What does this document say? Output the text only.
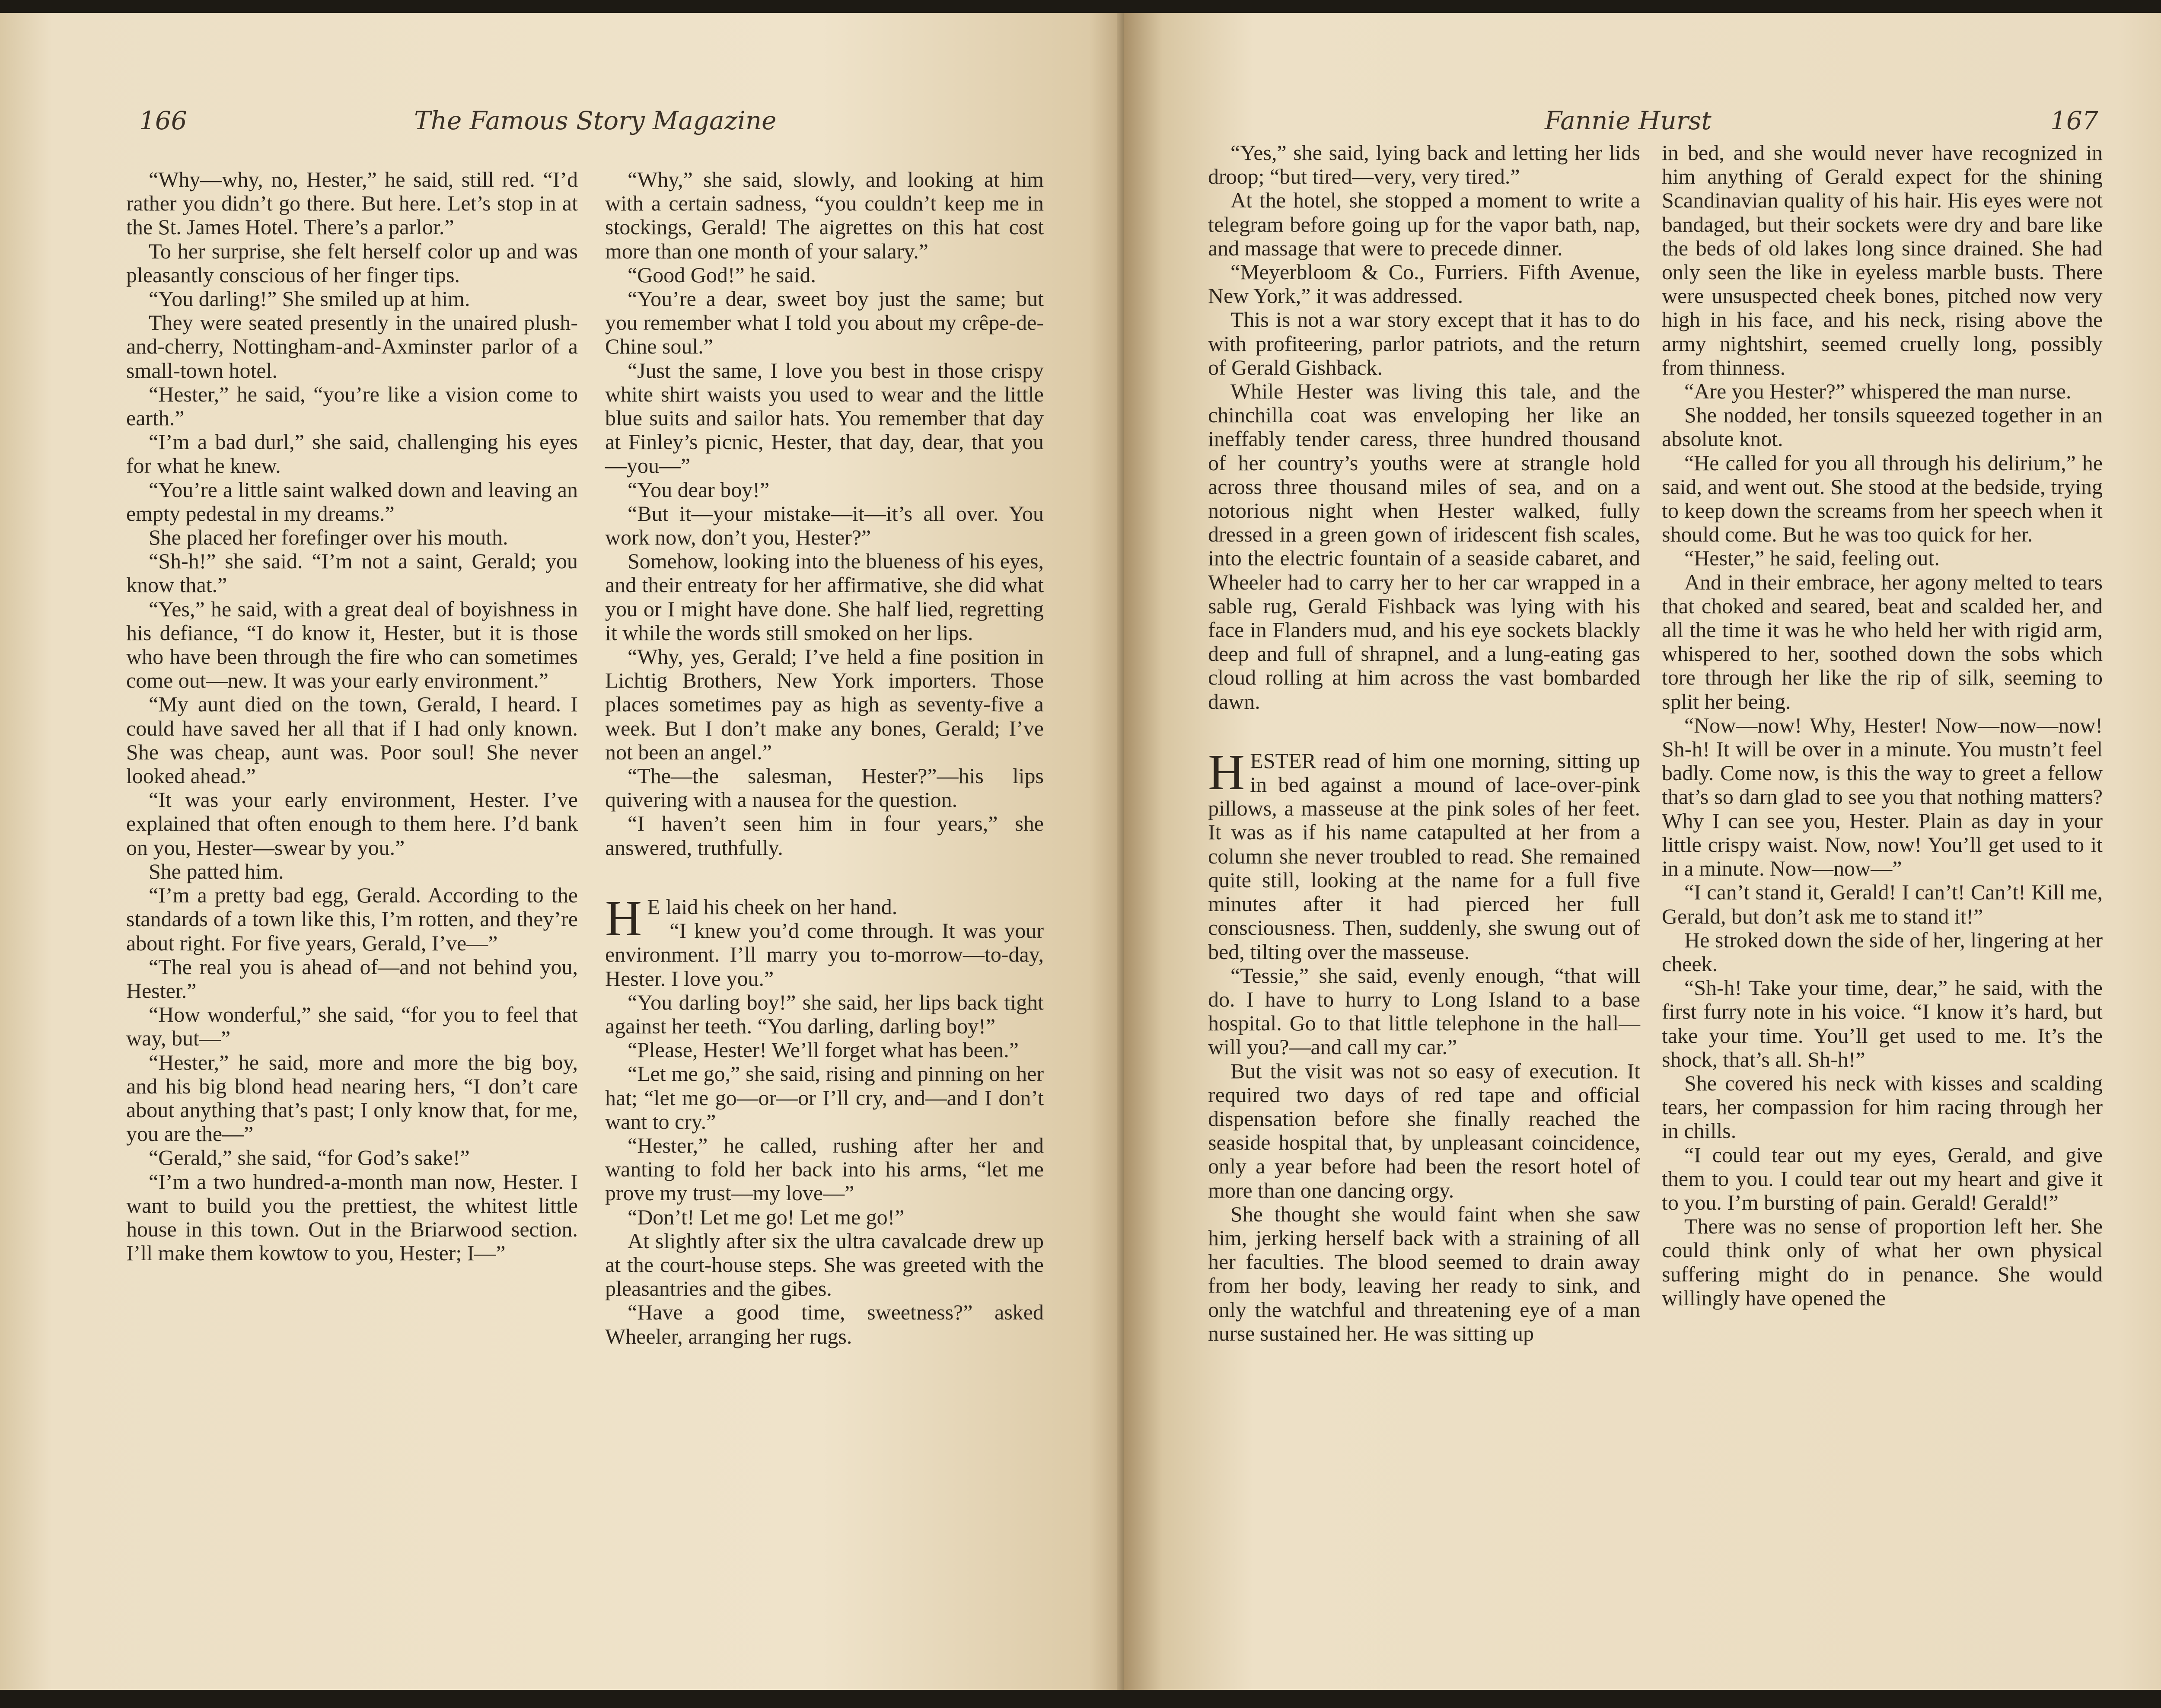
166	The Famous Story Magazine

“Why—why, no, Hester,” he said, still red. “I’d rather you didn’t go there. But here. Let’s stop in at the St. James Hotel. There’s a parlor.”

To her surprise, she felt herself color up and was pleasantly conscious of her finger tips.

“You darling!” She smiled up at him.

They were seated presently in the unaired plush-and-cherry, Nottingham-and-Axminster parlor of a small-town hotel.

“Hester,” he said, “you’re like a vision come to earth.”

“I’m a bad durl,” she said, challenging his eyes for what he knew.

“You’re a little saint walked down and leaving an empty pedestal in my dreams.”

She placed her forefinger over his mouth.

“Sh-h!” she said. “I’m not a saint, Gerald; you know that.”

“Yes,” he said, with a great deal of boyishness in his defiance, “I do know it, Hester, but it is those who have been through the fire who can sometimes come out—new. It was your early environment.”

“My aunt died on the town, Gerald, I heard. I could have saved her all that if I had only known. She was cheap, aunt was. Poor soul! She never looked ahead.”

“It was your early environment, Hester. I’ve explained that often enough to them here. I’d bank on you, Hester—swear by you.”

She patted him.

“I’m a pretty bad egg, Gerald. According to the standards of a town like this, I’m rotten, and they’re about right. For five years, Gerald, I’ve—”

“The real you is ahead of—and not behind you, Hester.”

“How wonderful,” she said, “for you to feel that way, but—”

“Hester,” he said, more and more the big boy, and his big blond head nearing hers, “I don’t care about anything that’s past; I only know that, for me, you are the—”

“Gerald,” she said, “for God’s sake!”

“I’m a two hundred-a-month man now, Hester. I want to build you the prettiest, the whitest little house in this town. Out in the Briarwood section. I’ll make them kowtow to you, Hester; I—”

“Why,” she said, slowly, and looking at him with a certain sadness, “you couldn’t keep me in stockings, Gerald! The aigrettes on this hat cost more than one month of your salary.”

“Good God!” he said.

“You’re a dear, sweet boy just the same; but you remember what I told you about my crêpe-de-Chine soul.”

“Just the same, I love you best in those crispy white shirt waists you used to wear and the little blue suits and sailor hats. You remember that day at Finley’s picnic, Hester, that day, dear, that you—you—”

“You dear boy!”

“But it—your mistake—it—it’s all over. You work now, don’t you, Hester?”

Somehow, looking into the blueness of his eyes, and their entreaty for her affirmative, she did what you or I might have done. She half lied, regretting it while the words still smoked on her lips.

“Why, yes, Gerald; I’ve held a fine position in Lichtig Brothers, New York importers. Those places sometimes pay as high as seventy-five a week. But I don’t make any bones, Gerald; I’ve not been an angel.”

“The—the salesman, Hester?”—his lips quivering with a nausea for the question.

“I haven’t seen him in four years,” she answered, truthfully.

H E laid his cheek on her hand.

“I knew you’d come through. It was your environment. I’ll marry you to-morrow—to-day, Hester. I love you.”

“You darling boy!” she said, her lips back tight against her teeth. “You darling, darling boy!”

“Please, Hester! We’ll forget what has been.”

“Let me go,” she said, rising and pinning on her hat; “let me go—or—or I’ll cry, and—and I don’t want to cry.”

“Hester,” he called, rushing after her and wanting to fold her back into his arms, “let me prove my trust—my love—”

“Don’t! Let me go! Let me go!”

At slightly after six the ultra cavalcade drew up at the court-house steps. She was greeted with the pleasantries and the gibes.

“Have a good time, sweetness?” asked Wheeler, arranging her rugs.

Fannie Hurst	167

“Yes,” she said, lying back and letting her lids droop; “but tired—very, very tired.”

At the hotel, she stopped a moment to write a telegram before going up for the vapor bath, nap, and massage that were to precede dinner.

“Meyerbloom & Co., Furriers. Fifth Avenue, New York,” it was addressed.

This is not a war story except that it has to do with profiteering, parlor patriots, and the return of Gerald Gishback.

While Hester was living this tale, and the chinchilla coat was enveloping her like an ineffably tender caress, three hundred thousand of her country’s youths were at strangle hold across three thousand miles of sea, and on a notorious night when Hester walked, fully dressed in a green gown of iridescent fish scales, into the electric fountain of a seaside cabaret, and Wheeler had to carry her to her car wrapped in a sable rug, Gerald Fishback was lying with his face in Flanders mud, and his eye sockets blackly deep and full of shrapnel, and a lung-eating gas cloud rolling at him across the vast bombarded dawn.

HESTER read of him one morning, sitting up in bed against a mound of lace-over-pink pillows, a masseuse at the pink soles of her feet. It was as if his name catapulted at her from a column she never troubled to read. She remained quite still, looking at the name for a full five minutes after it had pierced her full consciousness. Then, suddenly, she swung out of bed, tilting over the masseuse.

“Tessie,” she said, evenly enough, “that will do. I have to hurry to Long Island to a base hospital. Go to that little telephone in the hall—will you?—and call my car.”

But the visit was not so easy of execution. It required two days of red tape and official dispensation before she finally reached the seaside hospital that, by unpleasant coincidence, only a year before had been the resort hotel of more than one dancing orgy.

She thought she would faint when she saw him, jerking herself back with a straining of all her faculties. The blood seemed to drain away from her body, leaving her ready to sink, and only the watchful and threatening eye of a man nurse sustained her. He was sitting up

in bed, and she would never have recognized in him anything of Gerald expect for the shining Scandinavian quality of his hair. His eyes were not bandaged, but their sockets were dry and bare like the beds of old lakes long since drained. She had only seen the like in eyeless marble busts. There were unsuspected cheek bones, pitched now very high in his face, and his neck, rising above the army nightshirt, seemed cruelly long, possibly from thinness.

“Are you Hester?” whispered the man nurse.

She nodded, her tonsils squeezed together in an absolute knot.

“He called for you all through his delirium,” he said, and went out. She stood at the bedside, trying to keep down the screams from her speech when it should come. But he was too quick for her.

“Hester,” he said, feeling out.

And in their embrace, her agony melted to tears that choked and seared, beat and scalded her, and all the time it was he who held her with rigid arm, whispered to her, soothed down the sobs which tore through her like the rip of silk, seeming to split her being.

“Now—now! Why, Hester! Now—now—now! Sh-h! It will be over in a minute. You mustn’t feel badly. Come now, is this the way to greet a fellow that’s so darn glad to see you that nothing matters? Why I can see you, Hester. Plain as day in your little crispy waist. Now, now! You’ll get used to it in a minute. Now—now—”

“I can’t stand it, Gerald! I can’t! Can’t! Kill me, Gerald, but don’t ask me to stand it!”

He stroked down the side of her, lingering at her cheek.

“Sh-h! Take your time, dear,” he said, with the first furry note in his voice. “I know it’s hard, but take your time. You’ll get used to me. It’s the shock, that’s all. Sh-h!”

She covered his neck with kisses and scalding tears, her compassion for him racing through her in chills.

“I could tear out my eyes, Gerald, and give them to you. I could tear out my heart and give it to you. I’m bursting of pain. Gerald! Gerald!”

There was no sense of proportion left her. She could think only of what her own physical suffering might do in penance. She would willingly have opened the
